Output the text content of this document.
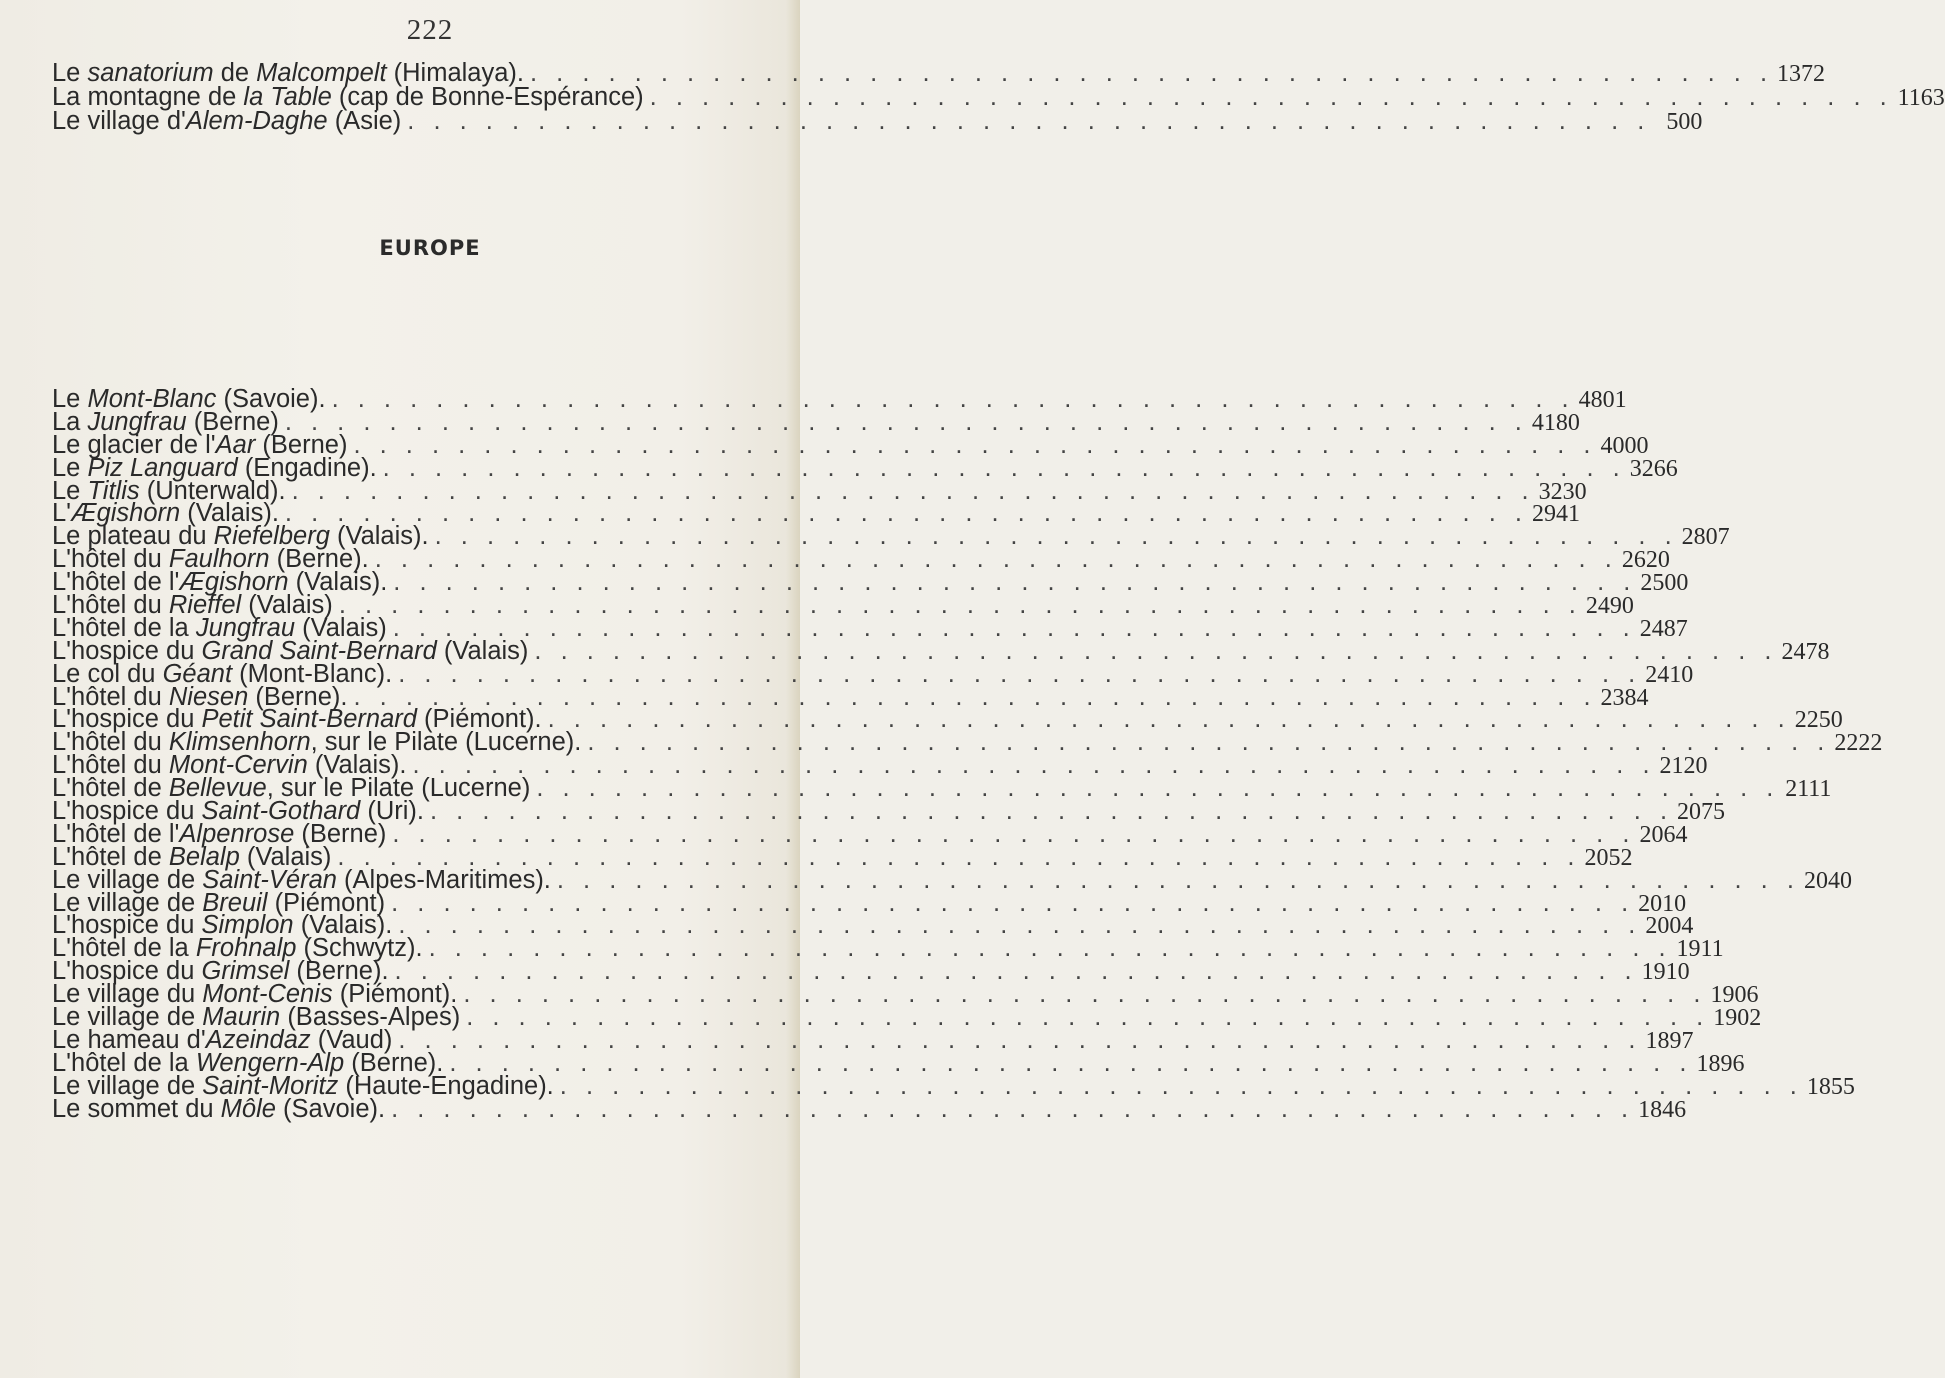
222
Le sanatorium de Malcompelt (Himalaya). . . .	1372
La montagne de la Table (cap de Bonne-Espérance) . . .	1163
Le village d'Alem-Daghe (Asie) . . .	500
EUROPE
Le Mont-Blanc (Savoie). . . .	4801
La Jungfrau (Berne) . . .	4180
Le glacier de l'Aar (Berne) . . .	4000
Le Piz Languard (Engadine). . . .	3266
Le Titlis (Unterwald). . . .	3230
L'Ægishorn (Valais). . . .	2941
Le plateau du Riefelberg (Valais). . . .	2807
L'hôtel du Faulhorn (Berne). . . .	2620
L'hôtel de l'Ægishorn (Valais). . . .	2500
L'hôtel du Rieffel (Valais) . . .	2490
L'hôtel de la Jungfrau (Valais) . . .	2487
L'hospice du Grand Saint-Bernard (Valais) . . .	2478
Le col du Géant (Mont-Blanc). . . .	2410
L'hôtel du Niesen (Berne). . . .	2384
L'hospice du Petit Saint-Bernard (Piémont). . . .	2250
L'hôtel du Klimsenhorn, sur le Pilate (Lucerne). . . .	2222
L'hôtel du Mont-Cervin (Valais). . . .	2120
L'hôtel de Bellevue, sur le Pilate (Lucerne) . . .	2111
L'hospice du Saint-Gothard (Uri). . . .	2075
L'hôtel de l'Alpenrose (Berne) . . .	2064
L'hôtel de Belalp (Valais) . . .	2052
Le village de Saint-Véran (Alpes-Maritimes). . . .	2040
Le village de Breuil (Piémont) . . .	2010
L'hospice du Simplon (Valais). . . .	2004
L'hôtel de la Frohnalp (Schwytz). . . .	1911
L'hospice du Grimsel (Berne). . . .	1910
Le village du Mont-Cenis (Piémont). . . .	1906
Le village de Maurin (Basses-Alpes) . . .	1902
Le hameau d'Azeindaz (Vaud) . . .	1897
L'hôtel de la Wengern-Alp (Berne). . . .	1896
Le village de Saint-Moritz (Haute-Engadine). . . .	1855
Le sommet du Môle (Savoie). . . .	1846
